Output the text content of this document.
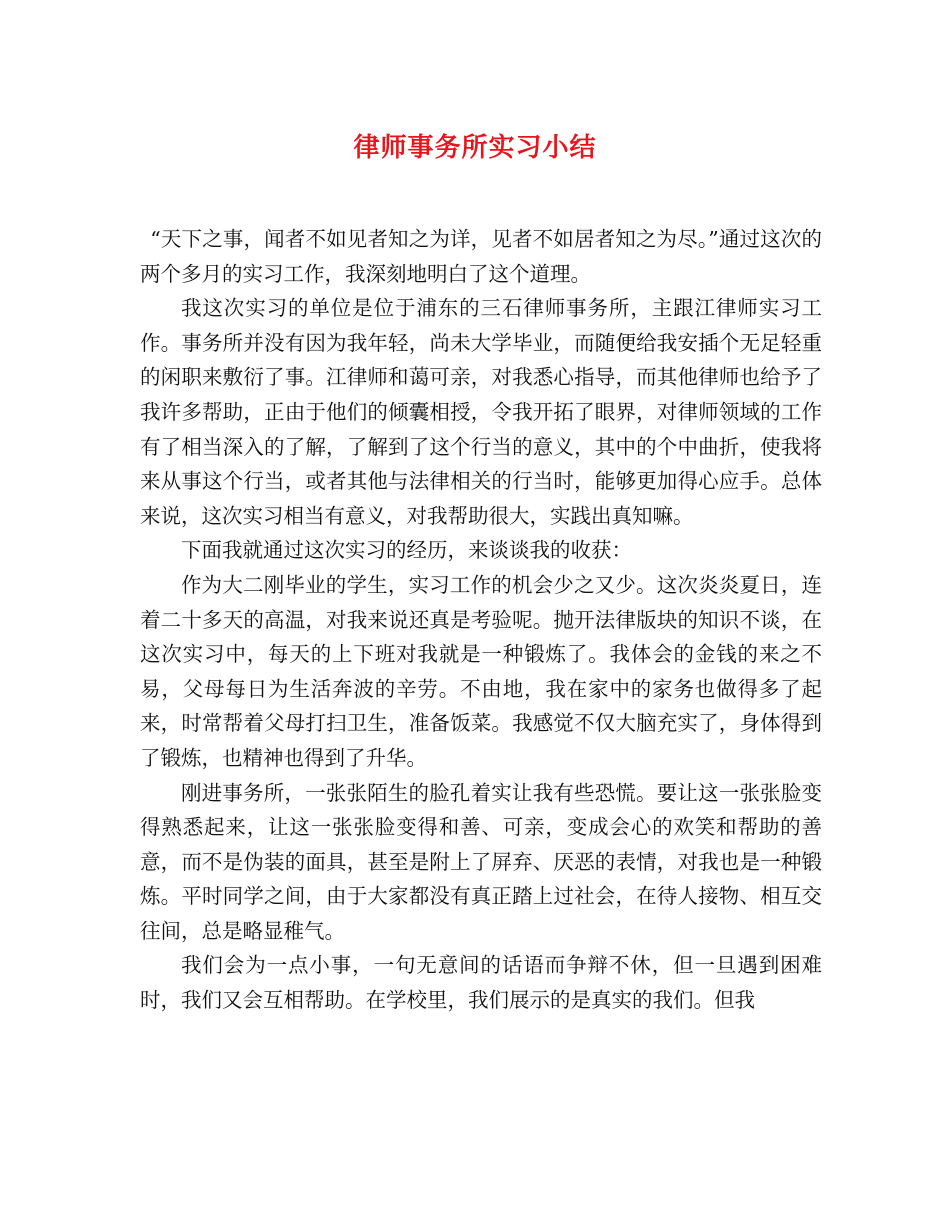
律师事务所实习小结

“天下之事，闻者不如见者知之为详，见者不如居者知之为尽。”通过这次的两个多月的实习工作，我深刻地明白了这个道理。

我这次实习的单位是位于浦东的三石律师事务所，主跟江律师实习工作。事务所并没有因为我年轻，尚未大学毕业，而随便给我安插个无足轻重的闲职来敷衍了事。江律师和蔼可亲，对我悉心指导，而其他律师也给予了我许多帮助，正由于他们的倾囊相授，令我开拓了眼界，对律师领域的工作有了相当深入的了解，了解到了这个行当的意义，其中的个中曲折，使我将来从事这个行当，或者其他与法律相关的行当时，能够更加得心应手。总体来说，这次实习相当有意义，对我帮助很大，实践出真知嘛。

下面我就通过这次实习的经历，来谈谈我的收获：

作为大二刚毕业的学生，实习工作的机会少之又少。这次炎炎夏日，连着二十多天的高温，对我来说还真是考验呢。抛开法律版块的知识不谈，在这次实习中，每天的上下班对我就是一种锻炼了。我体会的金钱的来之不易，父母每日为生活奔波的辛劳。不由地，我在家中的家务也做得多了起来，时常帮着父母打扫卫生，准备饭菜。我感觉不仅大脑充实了，身体得到了锻炼，也精神也得到了升华。

刚进事务所，一张张陌生的脸孔着实让我有些恐慌。要让这一张张脸变得熟悉起来，让这一张张脸变得和善、可亲，变成会心的欢笑和帮助的善意，而不是伪装的面具，甚至是附上了屏弃、厌恶的表情，对我也是一种锻炼。平时同学之间，由于大家都没有真正踏上过社会，在待人接物、相互交往间，总是略显稚气。

我们会为一点小事，一句无意间的话语而争辩不休，但一旦遇到困难时，我们又会互相帮助。在学校里，我们展示的是真实的我们。但我
